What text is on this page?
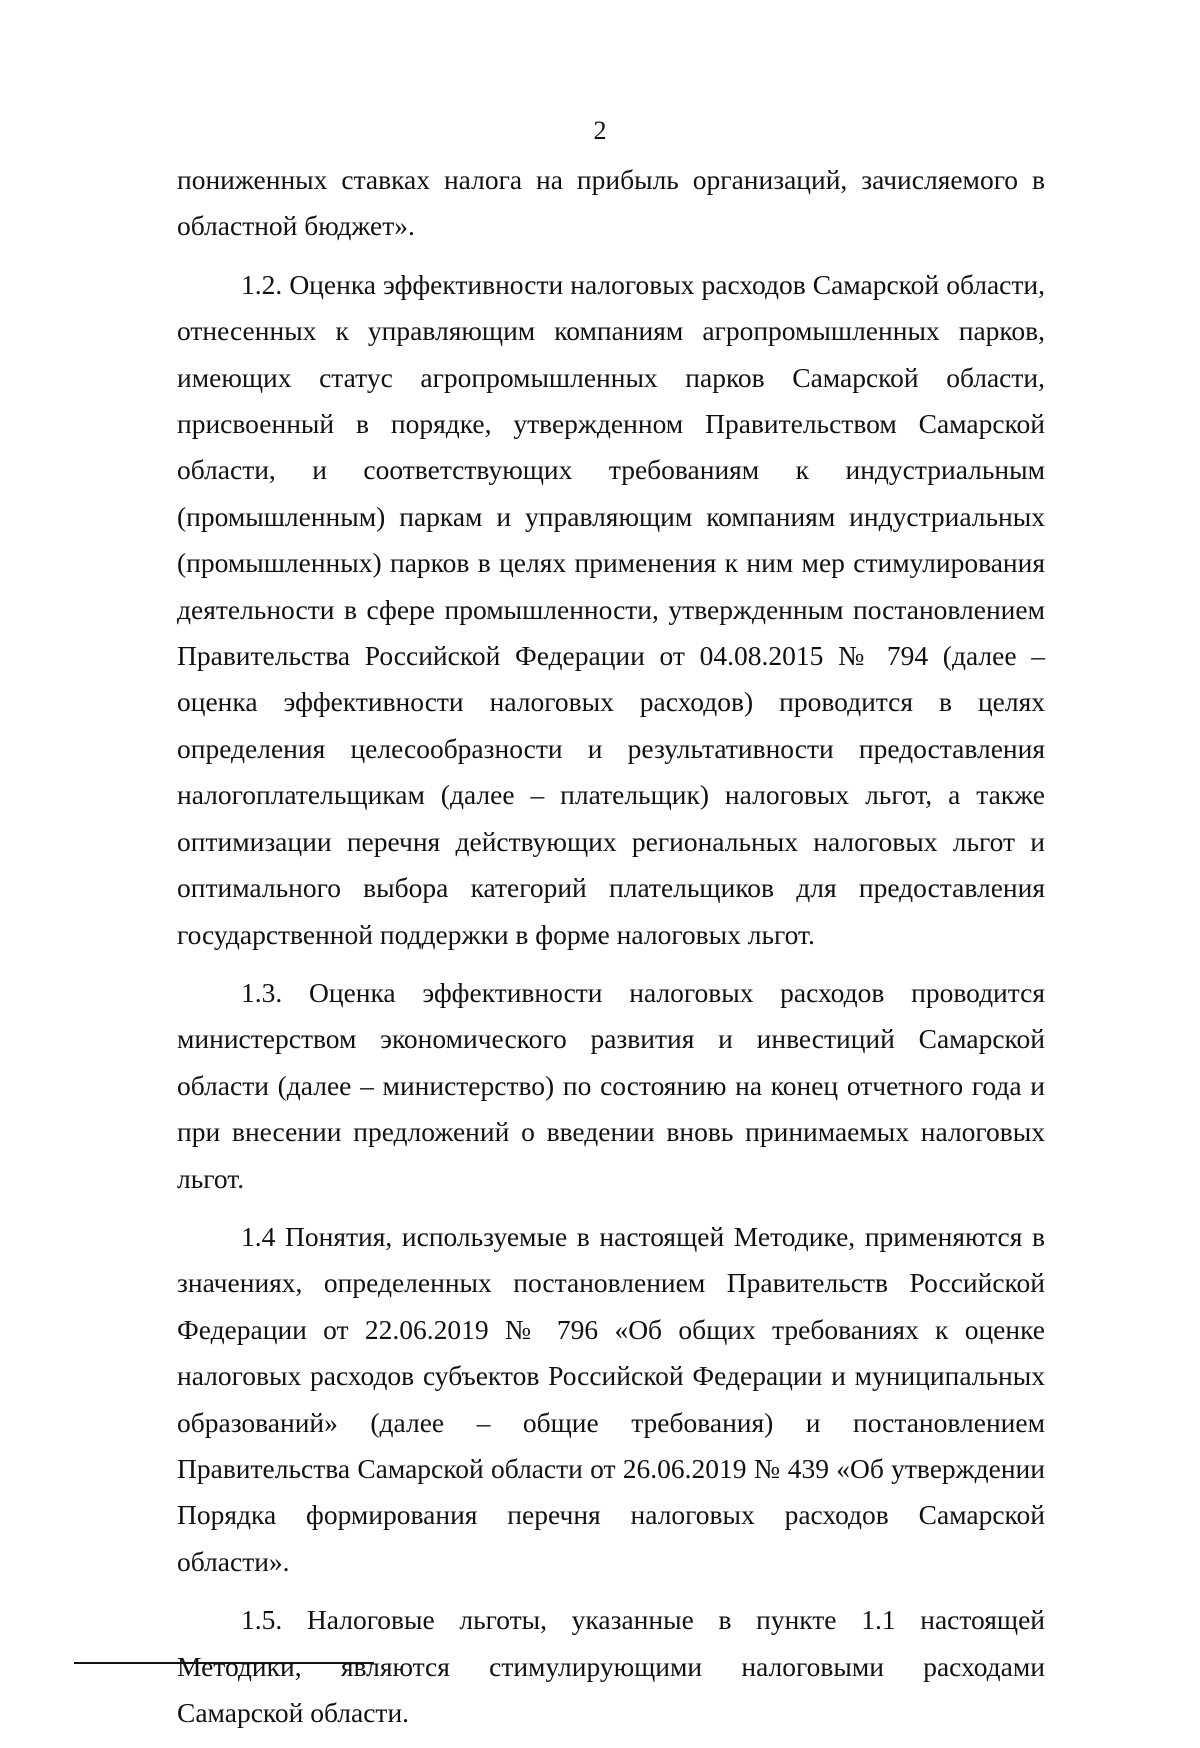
2

пониженных ставках налога на прибыль организаций, зачисляемого в областной бюджет».

1.2. Оценка эффективности налоговых расходов Самарской области, отнесенных к управляющим компаниям агропромышленных парков, имеющих статус агропромышленных парков Самарской области, присвоенный в порядке, утвержденном Правительством Самарской области, и соответствующих требованиям к индустриальным (промышленным) паркам и управляющим компаниям индустриальных (промышленных) парков в целях применения к ним мер стимулирования деятельности в сфере промышленности, утвержденным постановлением Правительства Российской Федерации от 04.08.2015 № 794 (далее – оценка эффективности налоговых расходов) проводится в целях определения целесообразности и результативности предоставления налогоплательщикам (далее – плательщик) налоговых льгот, а также оптимизации перечня действующих региональных налоговых льгот и оптимального выбора категорий плательщиков для предоставления государственной поддержки в форме налоговых льгот.

1.3. Оценка эффективности налоговых расходов проводится министерством экономического развития и инвестиций Самарской области (далее – министерство) по состоянию на конец отчетного года и при внесении предложений о введении вновь принимаемых налоговых льгот.

1.4 Понятия, используемые в настоящей Методике, применяются в значениях, определенных постановлением Правительств Российской Федерации от 22.06.2019 № 796 «Об общих требованиях к оценке налоговых расходов субъектов Российской Федерации и муниципальных образований» (далее – общие требования) и постановлением Правительства Самарской области от 26.06.2019 № 439 «Об утверждении Порядка формирования перечня налоговых расходов Самарской области».

1.5. Налоговые льготы, указанные в пункте 1.1 настоящей Методики, являются стимулирующими налоговыми расходами Самарской области.
